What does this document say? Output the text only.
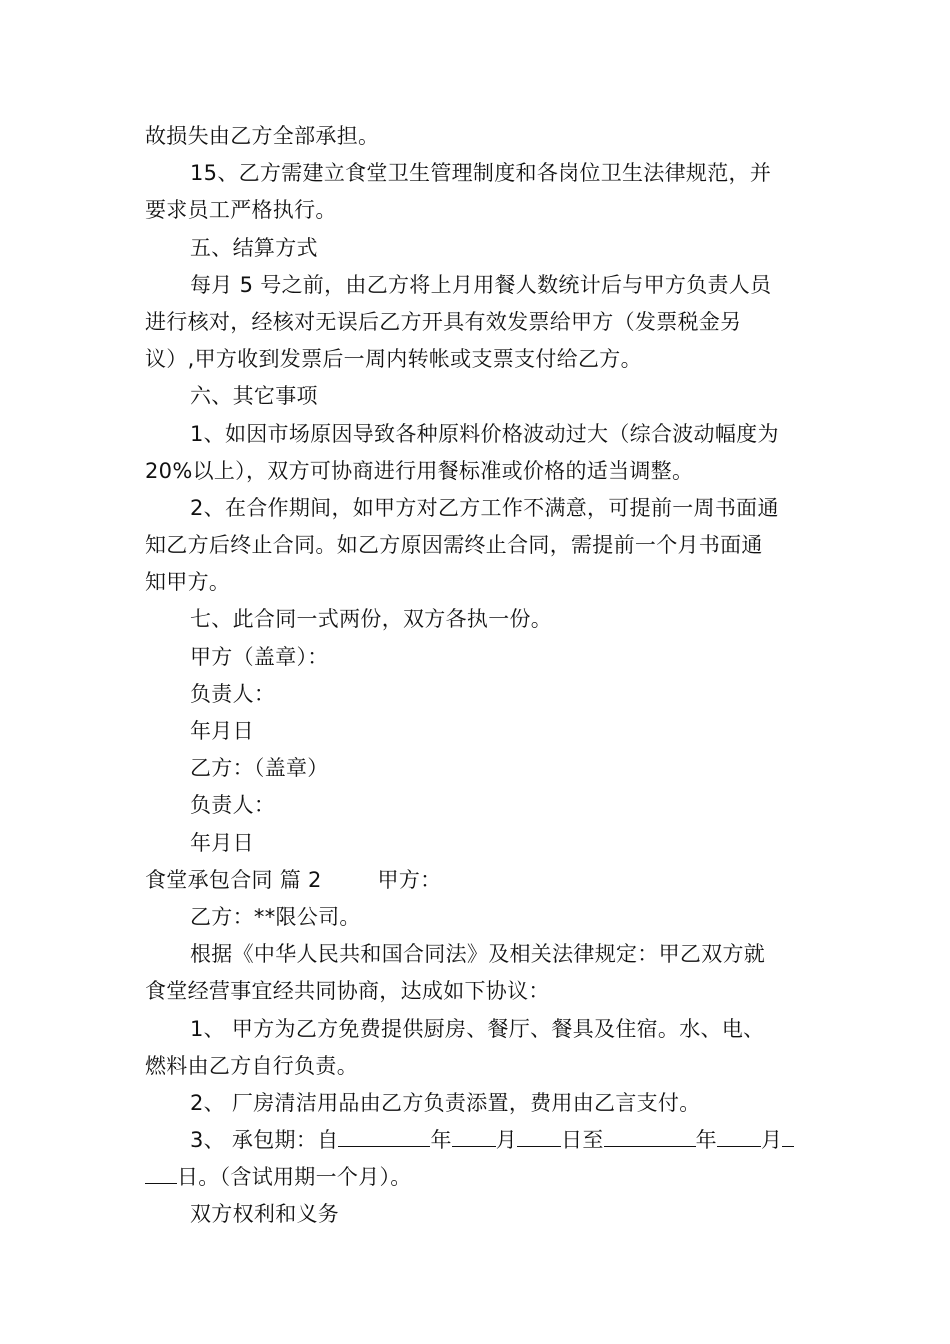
故损失由乙方全部承担。
15、乙方需建立食堂卫生管理制度和各岗位卫生法律规范，并
要求员工严格执行。
五、结算方式
每月 5 号之前，由乙方将上月用餐人数统计后与甲方负责人员
进行核对，经核对无误后乙方开具有效发票给甲方（发票税金另
议）,甲方收到发票后一周内转帐或支票支付给乙方。
六、其它事项
1、如因市场原因导致各种原料价格波动过大（综合波动幅度为
20%以上），双方可协商进行用餐标准或价格的适当调整。
2、在合作期间，如甲方对乙方工作不满意，可提前一周书面通
知乙方后终止合同。如乙方原因需终止合同，需提前一个月书面通
知甲方。
七、此合同一式两份，双方各执一份。
甲方（盖章）：
负责人：
年月日
乙方：（盖章）
负责人：
年月日
食堂承包合同 篇 2        甲方：
乙方：**限公司。
根据《中华人民共和国合同法》及相关法律规定：甲乙双方就
食堂经营事宜经共同协商，达成如下协议：
1、 甲方为乙方免费提供厨房、餐厅、餐具及住宿。水、电、
燃料由乙方自行负责。
2、 厂房清洁用品由乙方负责添置，费用由乙言支付。
3、 承包期：自	年 月 日至	年 月
日。（含试用期一个月）。
双方权利和义务
